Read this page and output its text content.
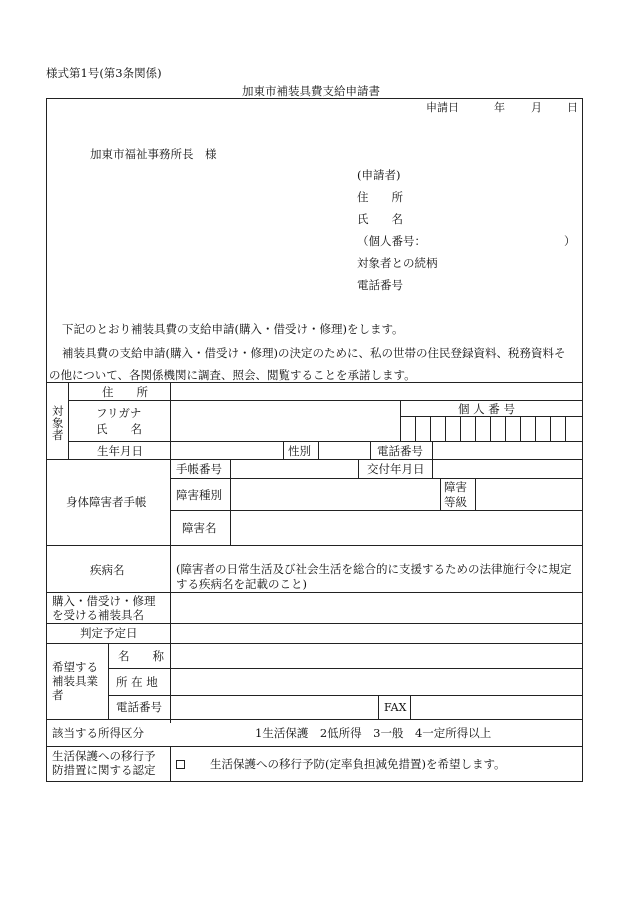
様式第1号(第3条関係)
加東市補装具費支給申請書
申請日	年 月 日
加東市福祉事務所長　様
(申請者)
住　　所
氏　　名
（個人番号：	）
対象者との続柄
電話番号
下記のとおり補装具費の支給申請(購入・借受け・修理)をします。
補装具費の支給申請(購入・借受け・修理)の決定のために、私の世帯の住民登録資料、税務資料そ
の他について、各関係機関に調査、照会、閲覧することを承諾します。
対
象
者
住　　所
フリガナ
氏　　名
個 人 番 号
生年月日	性別	電話番号
身体障害者手帳
手帳番号	交付年月日
障害種別
障害
等級
障害名
疾病名	(障害者の日常生活及び社会生活を総合的に支援するための法律施行令に規定
する疾病名を記載のこと)
購入・借受け・修理
を受ける補装具名
判定予定日
希望する
補装具業
者
名　　称
所 在 地
電話番号	FAX
該当する所得区分	1生活保護　2低所得　3一般　4一定所得以上
生活保護への移行予
防措置に関する認定	生活保護への移行予防(定率負担減免措置)を希望します。
